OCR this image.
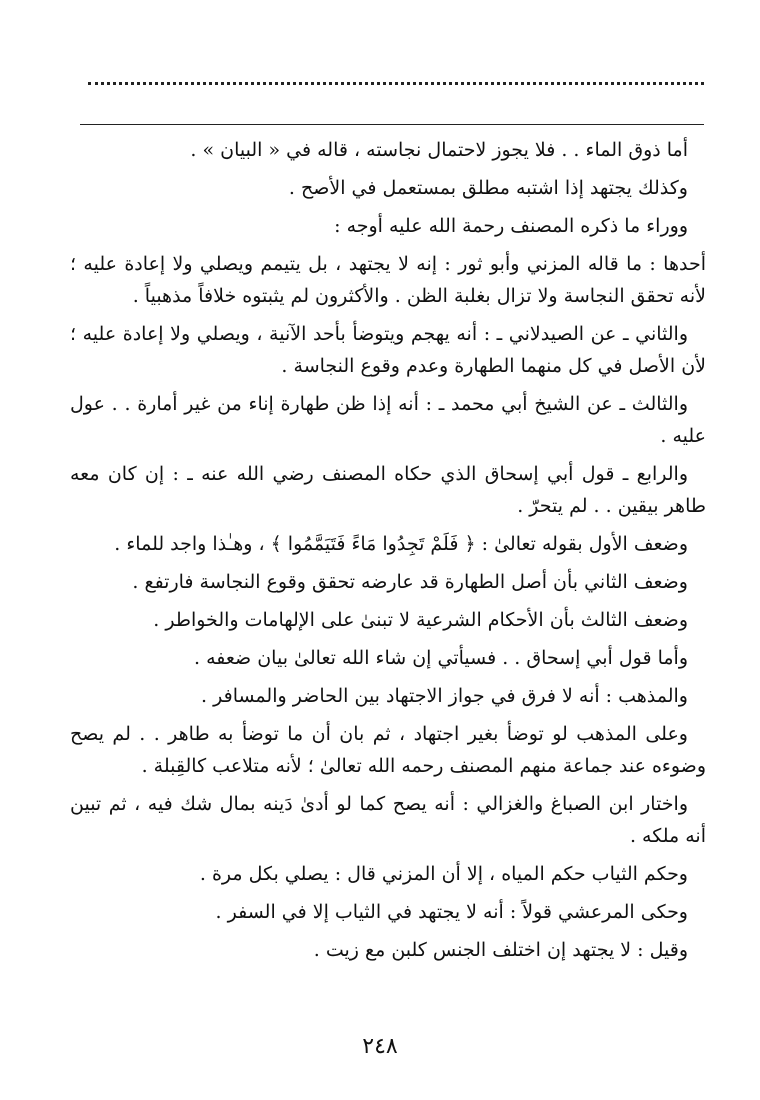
أما ذوق الماء . . فلا يجوز لاحتمال نجاسته ، قاله في « البيان » .

وكذلك يجتهد إذا اشتبه مطلق بمستعمل في الأصح .

ووراء ما ذكره المصنف رحمة الله عليه أوجه :

أحدها : ما قاله المزني وأبو ثور : إنه لا يجتهد ، بل يتيمم ويصلي ولا إعادة عليه ؛ لأنه تحقق النجاسة ولا تزال بغلبة الظن . والأكثرون لم يثبتوه خلافاً مذهبياً .

والثاني ـ عن الصيدلاني ـ : أنه يهجم ويتوضأ بأحد الآنية ، ويصلي ولا إعادة عليه ؛ لأن الأصل في كل منهما الطهارة وعدم وقوع النجاسة .

والثالث ـ عن الشيخ أبي محمد ـ : أنه إذا ظن طهارة إناء من غير أمارة . . عول عليه .

والرابع ـ قول أبي إسحاق الذي حكاه المصنف رضي الله عنه ـ : إن كان معه طاهر بيقين . . لم يتحرّ .

وضعف الأول بقوله تعالىٰ : ﴿ فَلَمْ تَجِدُوا مَاءً فَتَيَمَّمُوا ﴾ ، وهـٰذا واجد للماء .

وضعف الثاني بأن أصل الطهارة قد عارضه تحقق وقوع النجاسة فارتفع .

وضعف الثالث بأن الأحكام الشرعية لا تبنىٰ على الإلهامات والخواطر .

وأما قول أبي إسحاق . . فسيأتي إن شاء الله تعالىٰ بيان ضعفه .

والمذهب : أنه لا فرق في جواز الاجتهاد بين الحاضر والمسافر .

وعلى المذهب لو توضأ بغير اجتهاد ، ثم بان أن ما توضأ به طاهر . . لم يصح وضوءه عند جماعة منهم المصنف رحمه الله تعالىٰ ؛ لأنه متلاعب كالقِبلة .

واختار ابن الصباغ والغزالي : أنه يصح كما لو أدىٰ دَينه بمال شك فيه ، ثم تبين أنه ملكه .

وحكم الثياب حكم المياه ، إلا أن المزني قال : يصلي بكل مرة .

وحكى المرعشي قولاً : أنه لا يجتهد في الثياب إلا في السفر .

وقيل : لا يجتهد إن اختلف الجنس كلبن مع زيت .

٢٤٨
